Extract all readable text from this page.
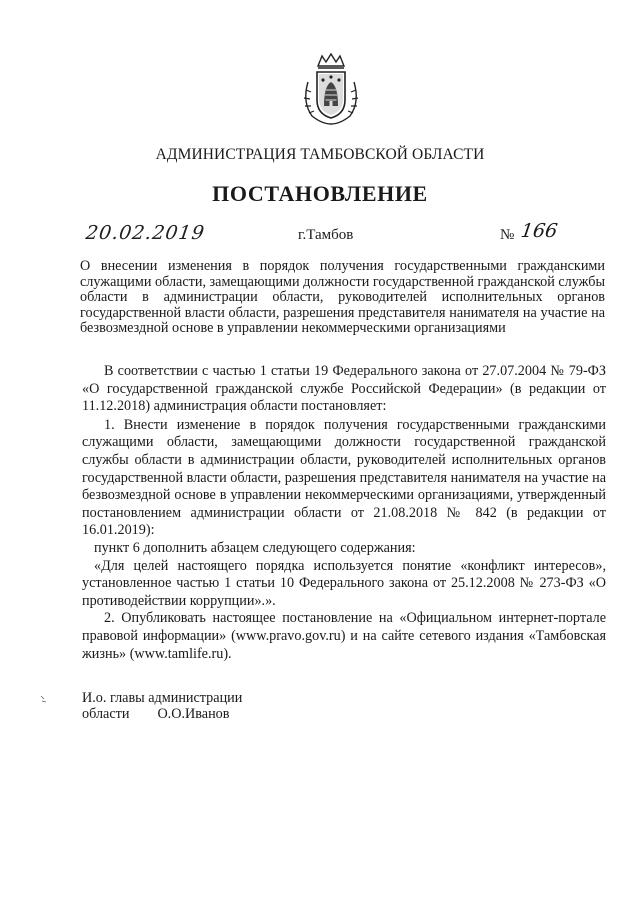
АДМИНИСТРАЦИЯ ТАМБОВСКОЙ ОБЛАСТИ
ПОСТАНОВЛЕНИЕ
20.02.2019	г.Тамбов	№ 166
О внесении изменения в порядок получения государственными гражданскими служащими области, замещающими должности государственной гражданской службы области в администрации области, руководителей исполнительных органов государственной власти области, разрешения представителя нанимателя на участие на безвозмездной основе в управлении некоммерческими организациями

В соответствии с частью 1 статьи 19 Федерального закона от 27.07.2004 № 79-ФЗ «О государственной гражданской службе Российской Федерации» (в редакции от 11.12.2018) администрация области постановляет:

1. Внести изменение в порядок получения государственными гражданскими служащими области, замещающими должности государственной гражданской службы области в администрации области, руководителей исполнительных органов государственной власти области, разрешения представителя нанимателя на участие на безвозмездной основе в управлении некоммерческими организациями, утвержденный постановлением администрации области от 21.08.2018 № 842 (в редакции от 16.01.2019):

пункт 6 дополнить абзацем следующего содержания:

«Для целей настоящего порядка используется понятие «конфликт интересов», установленное частью 1 статьи 10 Федерального закона от 25.12.2008 № 273-ФЗ «О противодействии коррупции».».

2. Опубликовать настоящее постановление на «Официальном интернет-портале правовой информации» (www.pravo.gov.ru) и на сайте сетевого издания «Тамбовская жизнь» (www.tamlife.ru).

И.о. главы администрации
области О.О.Иванов
